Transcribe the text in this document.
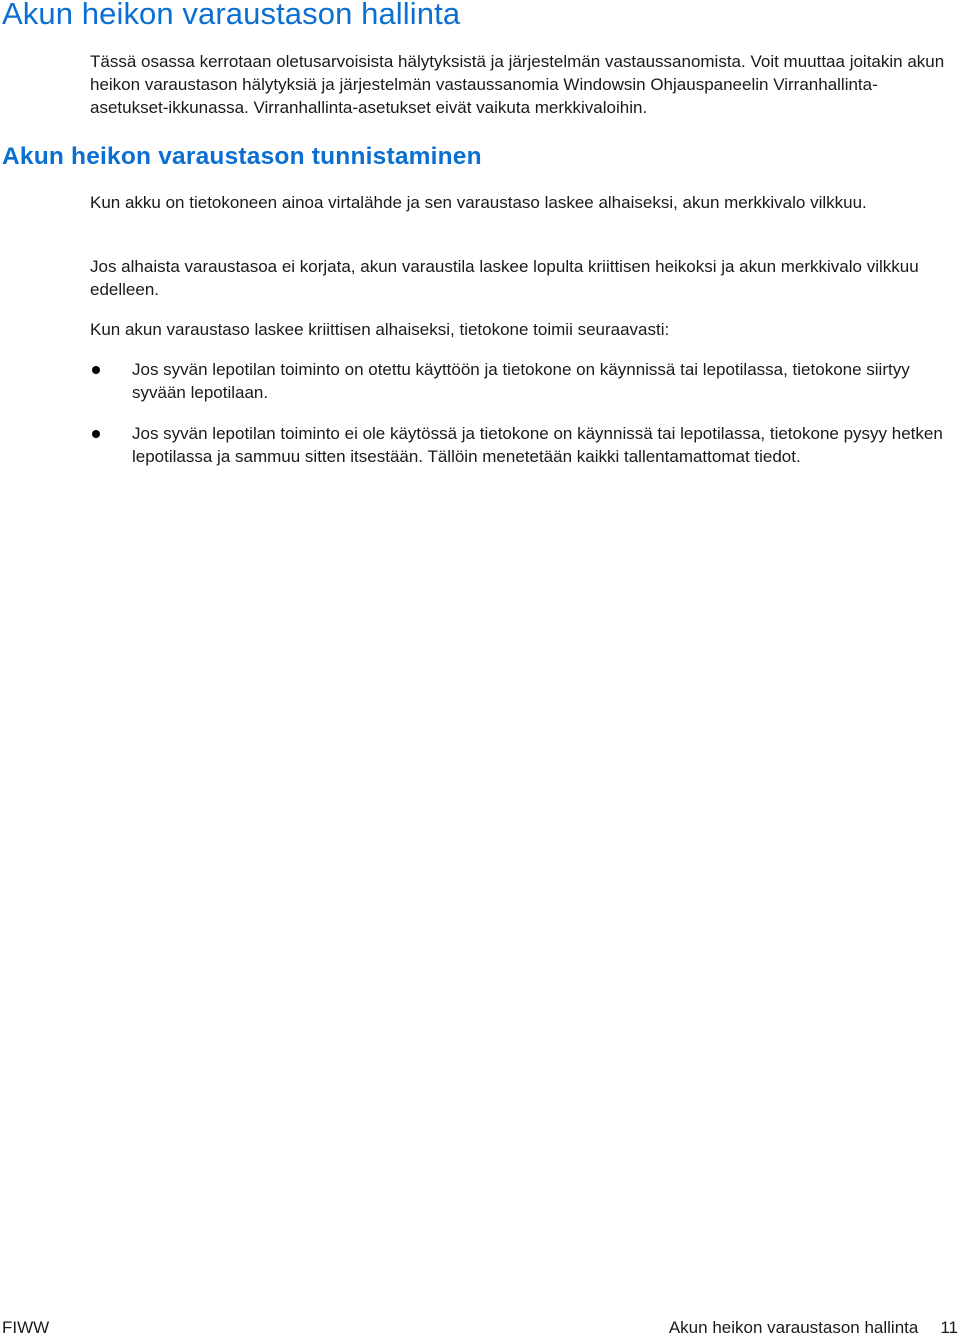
Akun heikon varaustason hallinta

Tässä osassa kerrotaan oletusarvoisista hälytyksistä ja järjestelmän vastaussanomista. Voit muuttaa joitakin akun heikon varaustason hälytyksiä ja järjestelmän vastaussanomia Windowsin Ohjauspaneelin Virranhallinta-asetukset-ikkunassa. Virranhallinta-asetukset eivät vaikuta merkkivaloihin.

Akun heikon varaustason tunnistaminen

Kun akku on tietokoneen ainoa virtalähde ja sen varaustaso laskee alhaiseksi, akun merkkivalo vilkkuu.

Jos alhaista varaustasoa ei korjata, akun varaustila laskee lopulta kriittisen heikoksi ja akun merkkivalo vilkkuu edelleen.

Kun akun varaustaso laskee kriittisen alhaiseksi, tietokone toimii seuraavasti:

Jos syvän lepotilan toiminto on otettu käyttöön ja tietokone on käynnissä tai lepotilassa, tietokone siirtyy syvään lepotilaan.

Jos syvän lepotilan toiminto ei ole käytössä ja tietokone on käynnissä tai lepotilassa, tietokone pysyy hetken lepotilassa ja sammuu sitten itsestään. Tällöin menetetään kaikki tallentamattomat tiedot.

FIWW	Akun heikon varaustason hallinta 11
